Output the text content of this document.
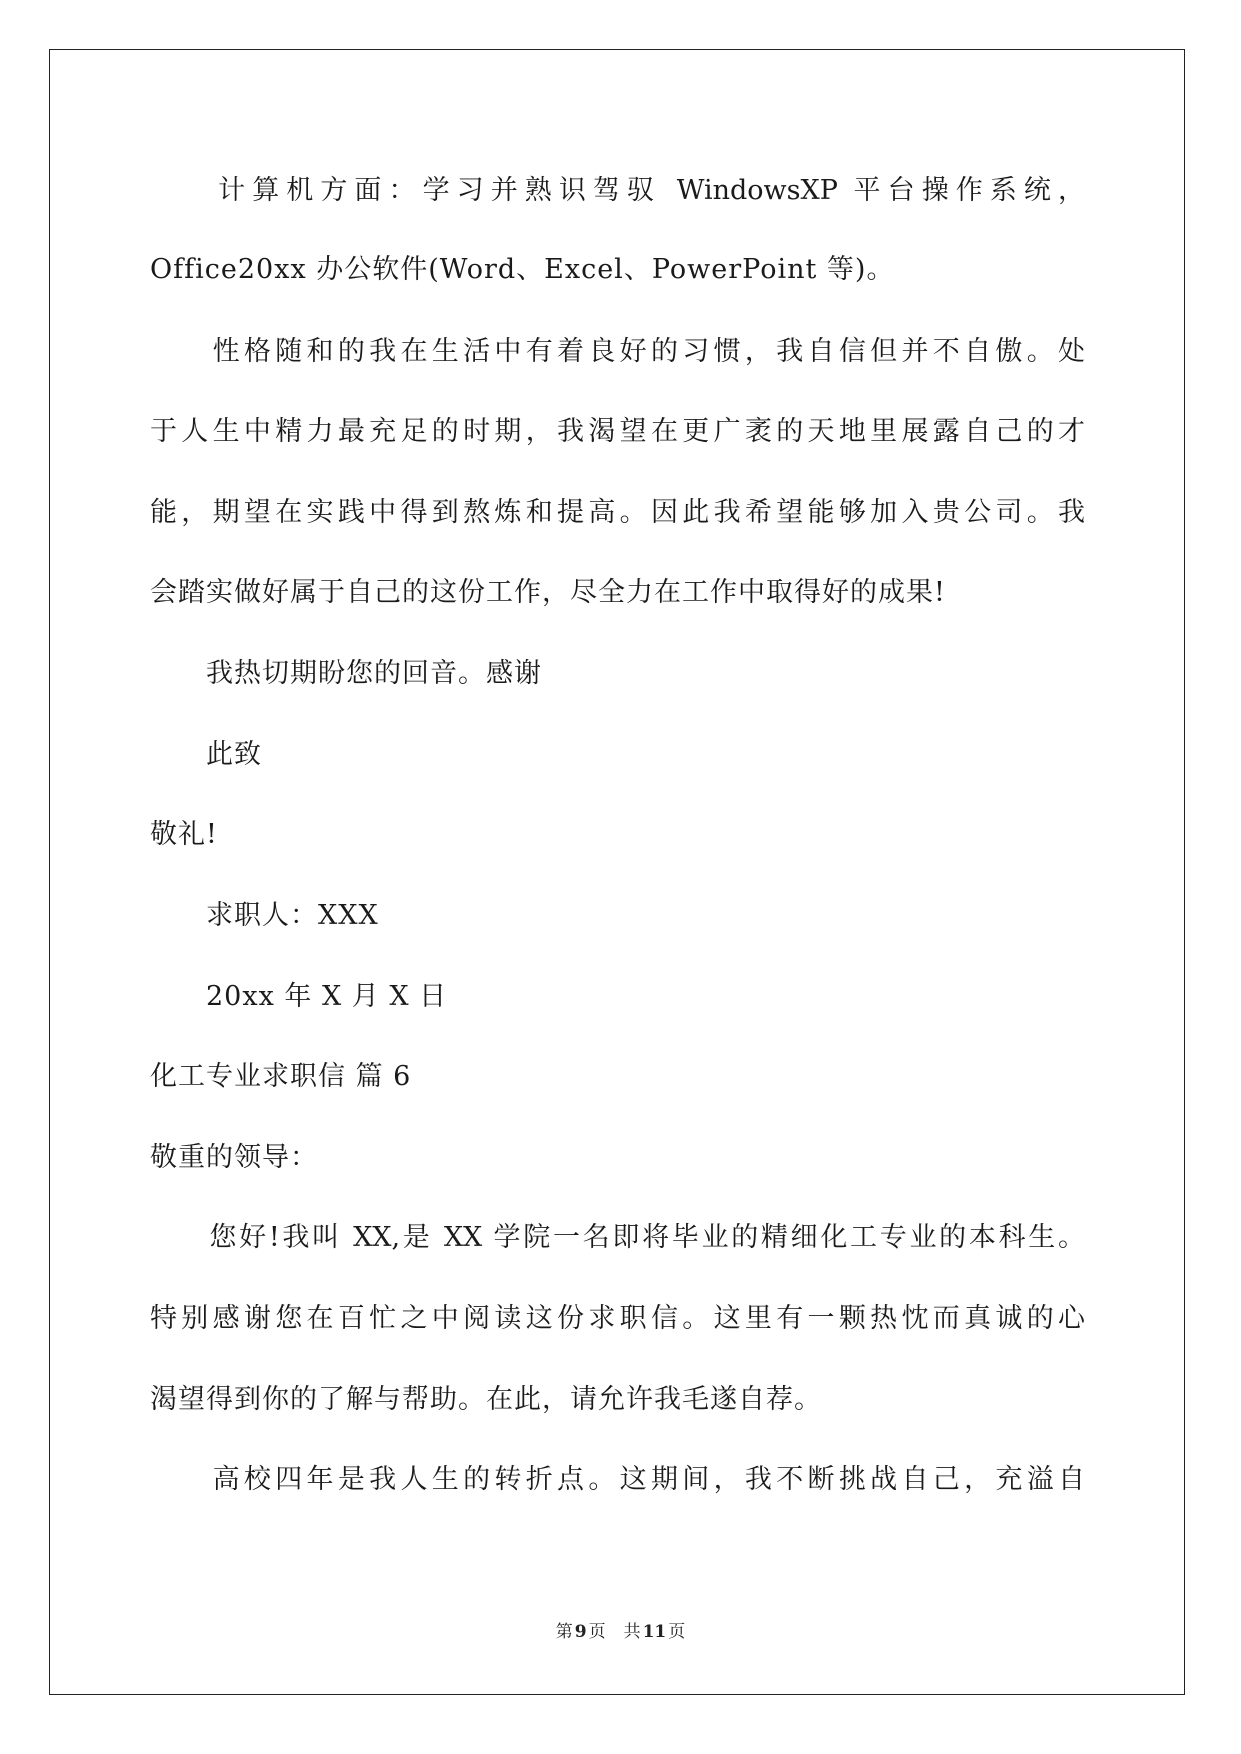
　　计算机方面：学习并熟识驾驭 WindowsXP 平台操作系统，
Office20xx 办公软件(Word、Excel、PowerPoint 等)。
　　性格随和的我在生活中有着良好的习惯，我自信但并不自傲。处
于人生中精力最充足的时期，我渴望在更广袤的天地里展露自己的才
能，期望在实践中得到熬炼和提高。因此我希望能够加入贵公司。我
会踏实做好属于自己的这份工作，尽全力在工作中取得好的成果!
　　我热切期盼您的回音。感谢
　　此致
敬礼!
　　求职人：XXX
　　20xx 年 X 月 X 日
化工专业求职信 篇 6
敬重的领导：
　　您好!我叫 XX,是 XX 学院一名即将毕业的精细化工专业的本科生。
特别感谢您在百忙之中阅读这份求职信。这里有一颗热忱而真诚的心
渴望得到你的了解与帮助。在此，请允许我毛遂自荐。
　　高校四年是我人生的转折点。这期间，我不断挑战自己，充溢自
第 9 页 共 11 页
